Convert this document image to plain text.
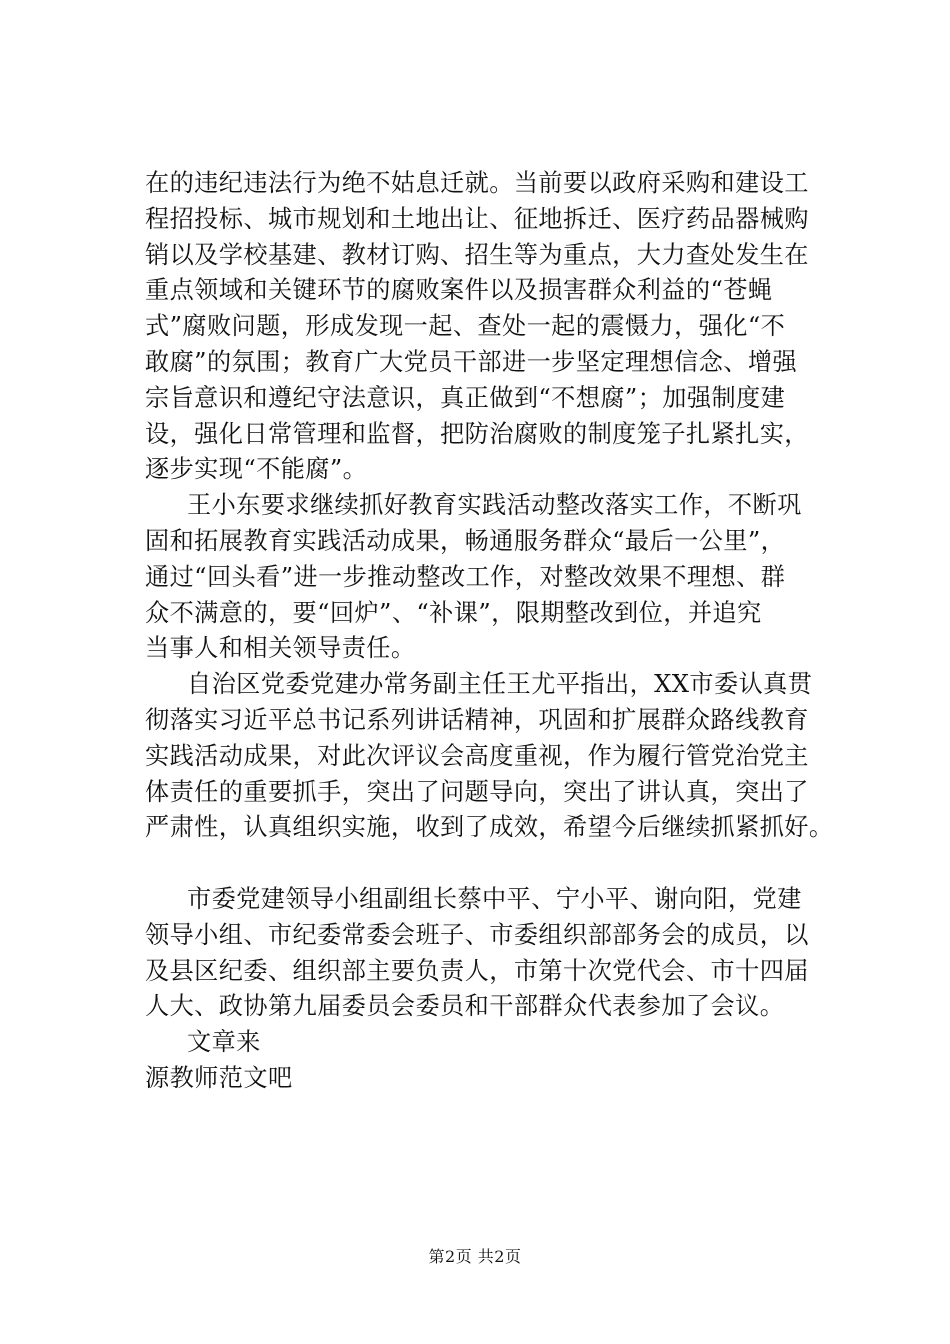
在的违纪违法行为绝不姑息迁就。当前要以政府采购和建设工
程招投标、城市规划和土地出让、征地拆迁、医疗药品器械购
销以及学校基建、教材订购、招生等为重点，大力查处发生在
重点领域和关键环节的腐败案件以及损害群众利益的“苍蝇
式”腐败问题，形成发现一起、查处一起的震慑力，强化“不
敢腐”的氛围；教育广大党员干部进一步坚定理想信念、增强
宗旨意识和遵纪守法意识，真正做到“不想腐”；加强制度建
设，强化日常管理和监督，把防治腐败的制度笼子扎紧扎实，
逐步实现“不能腐”。
王小东要求继续抓好教育实践活动整改落实工作，不断巩
固和拓展教育实践活动成果，畅通服务群众“最后一公里”，
通过“回头看”进一步推动整改工作，对整改效果不理想、群
众不满意的，要“回炉”、“补课”，限期整改到位，并追究
当事人和相关领导责任。
自治区党委党建办常务副主任王尤平指出，XX市委认真贯
彻落实习近平总书记系列讲话精神，巩固和扩展群众路线教育
实践活动成果，对此次评议会高度重视，作为履行管党治党主
体责任的重要抓手，突出了问题导向，突出了讲认真，突出了
严肃性，认真组织实施，收到了成效，希望今后继续抓紧抓好。
市委党建领导小组副组长蔡中平、宁小平、谢向阳，党建
领导小组、市纪委常委会班子、市委组织部部务会的成员，以
及县区纪委、组织部主要负责人，市第十次党代会、市十四届
人大、政协第九届委员会委员和干部群众代表参加了会议。
文章来
源教师范文吧
第2页 共2页
